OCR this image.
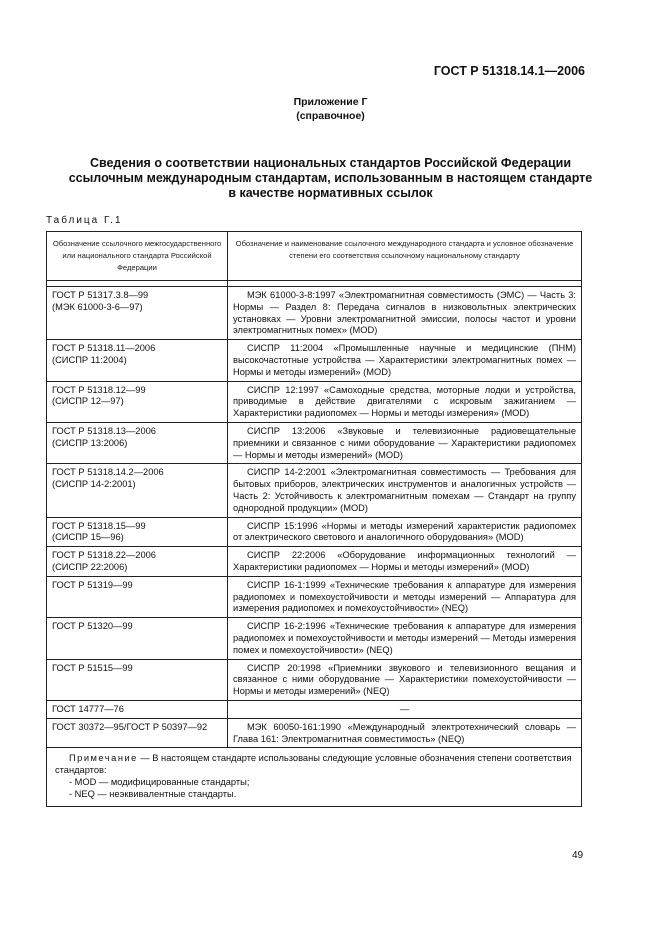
ГОСТ Р 51318.14.1—2006
Приложение Г
(справочное)
Сведения о соответствии национальных стандартов Российской Федерации
ссылочным международным стандартам, использованным в настоящем стандарте
в качестве нормативных ссылок
Таблица Г.1
Обозначение ссылочного межгосударственного или национального стандарта Российской Федерации	Обозначение и наименование ссылочного международного стандарта и условное обозначение степени его соответствия ссылочному национальному стандарту

ГОСТ Р 51317.3.8—99
(МЭК 61000-3-6—97)	МЭК 61000-3-8:1997 «Электромагнитная совместимость (ЭМС) — Часть 3: Нормы — Раздел 8: Передача сигналов в низковольтных электрических установках — Уровни электромагнитной эмиссии, полосы частот и уровни электромагнитных помех» (MOD)

ГОСТ Р 51318.11—2006
(СИСПР 11:2004)	СИСПР 11:2004 «Промышленные научные и медицинские (ПНМ) высокочастотные устройства — Характеристики электромагнитных помех — Нормы и методы измерений» (MOD)

ГОСТ Р 51318.12—99
(СИСПР 12—97)	СИСПР 12:1997 «Самоходные средства, моторные лодки и устройства, приводимые в действие двигателями с искровым зажиганием — Характеристики радиопомех — Нормы и методы измерения» (MOD)

ГОСТ Р 51318.13—2006
(СИСПР 13:2006)	СИСПР 13:2006 «Звуковые и телевизионные радиовещательные приемники и связанное с ними оборудование — Характеристики радиопомех — Нормы и методы измерений» (MOD)

ГОСТ Р 51318.14.2—2006
(СИСПР 14-2:2001)	СИСПР 14-2:2001 «Электромагнитная совместимость — Требования для бытовых приборов, электрических инструментов и аналогичных устройств — Часть 2: Устойчивость к электромагнитным помехам — Стандарт на группу однородной продукции» (MOD)

ГОСТ Р 51318.15—99
(СИСПР 15—96)	СИСПР 15:1996 «Нормы и методы измерений характеристик радиопомех от электрического светового и аналогичного оборудования» (MOD)

ГОСТ Р 51318.22—2006
(СИСПР 22:2006)	СИСПР 22:2006 «Оборудование информационных технологий — Характеристики радиопомех — Нормы и методы измерений» (MOD)

ГОСТ Р 51319—99	СИСПР 16-1:1999 «Технические требования к аппаратуре для измерения радиопомех и помехоустойчивости и методы измерений — Аппаратура для измерения радиопомех и помехоустойчивости» (NEQ)

ГОСТ Р 51320—99	СИСПР 16-2:1996 «Технические требования к аппаратуре для измерения радиопомех и помехоустойчивости и методы измерений — Методы измерения помех и помехоустойчивости» (NEQ)

ГОСТ Р 51515—99	СИСПР 20:1998 «Приемники звукового и телевизионного вещания и связанное с ними оборудование — Характеристики помехоустойчивости — Нормы и методы измерений» (NEQ)

ГОСТ 14777—76	—

ГОСТ 30372—95/ГОСТ Р 50397—92	МЭК 60050-161:1990 «Международный электротехнический словарь — Глава 161: Электромагнитная совместимость» (NEQ)

Примечание — В настоящем стандарте использованы следующие условные обозначения степени соответствия стандартов:
- MOD — модифицированные стандарты;
- NEQ — неэквивалентные стандарты.	
49
